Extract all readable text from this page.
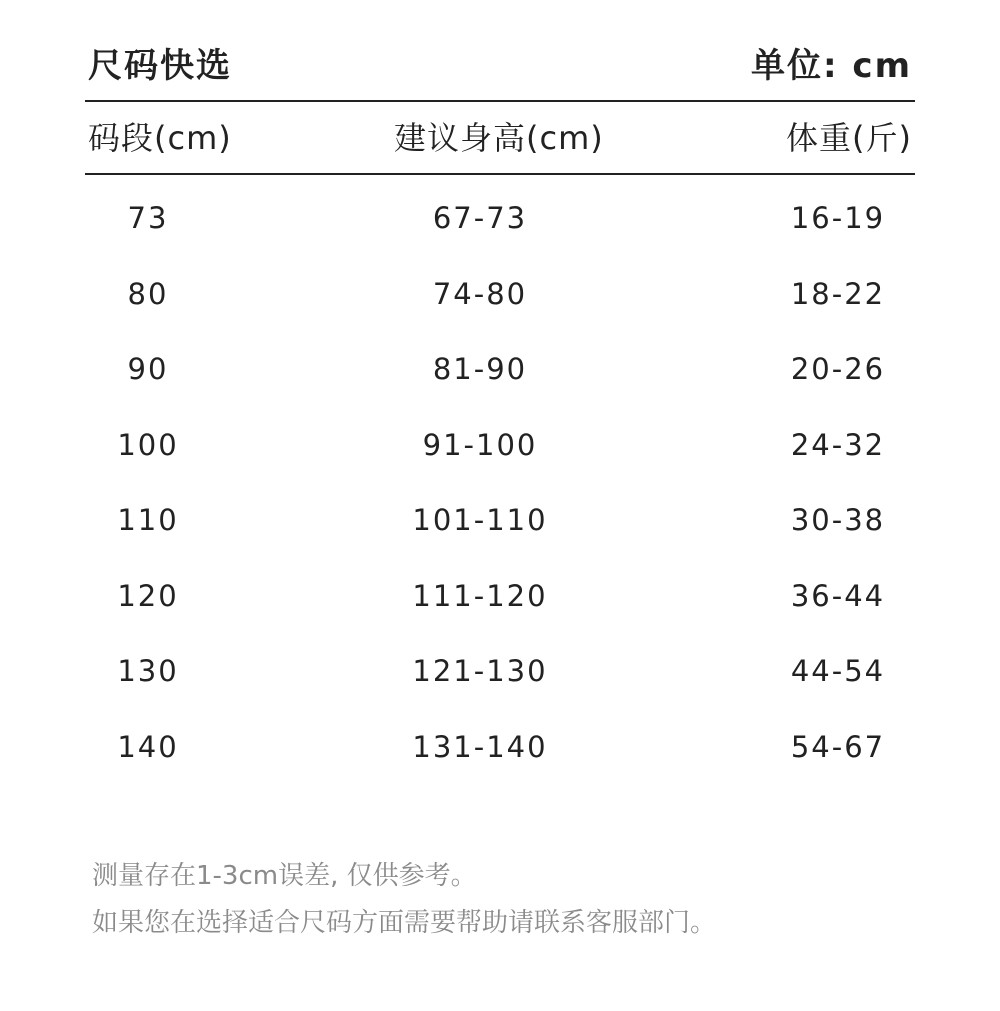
尺码快选	单位: cm
码段(cm)	建议身高(cm)	体重(斤)
73	67-73	16-19
80	74-80	18-22
90	81-90	20-26
100	91-100	24-32
110	101-110	30-38
120	111-120	36-44
130	121-130	44-54
140	131-140	54-67
测量存在1-3cm误差, 仅供参考。
如果您在选择适合尺码方面需要帮助请联系客服部门。
